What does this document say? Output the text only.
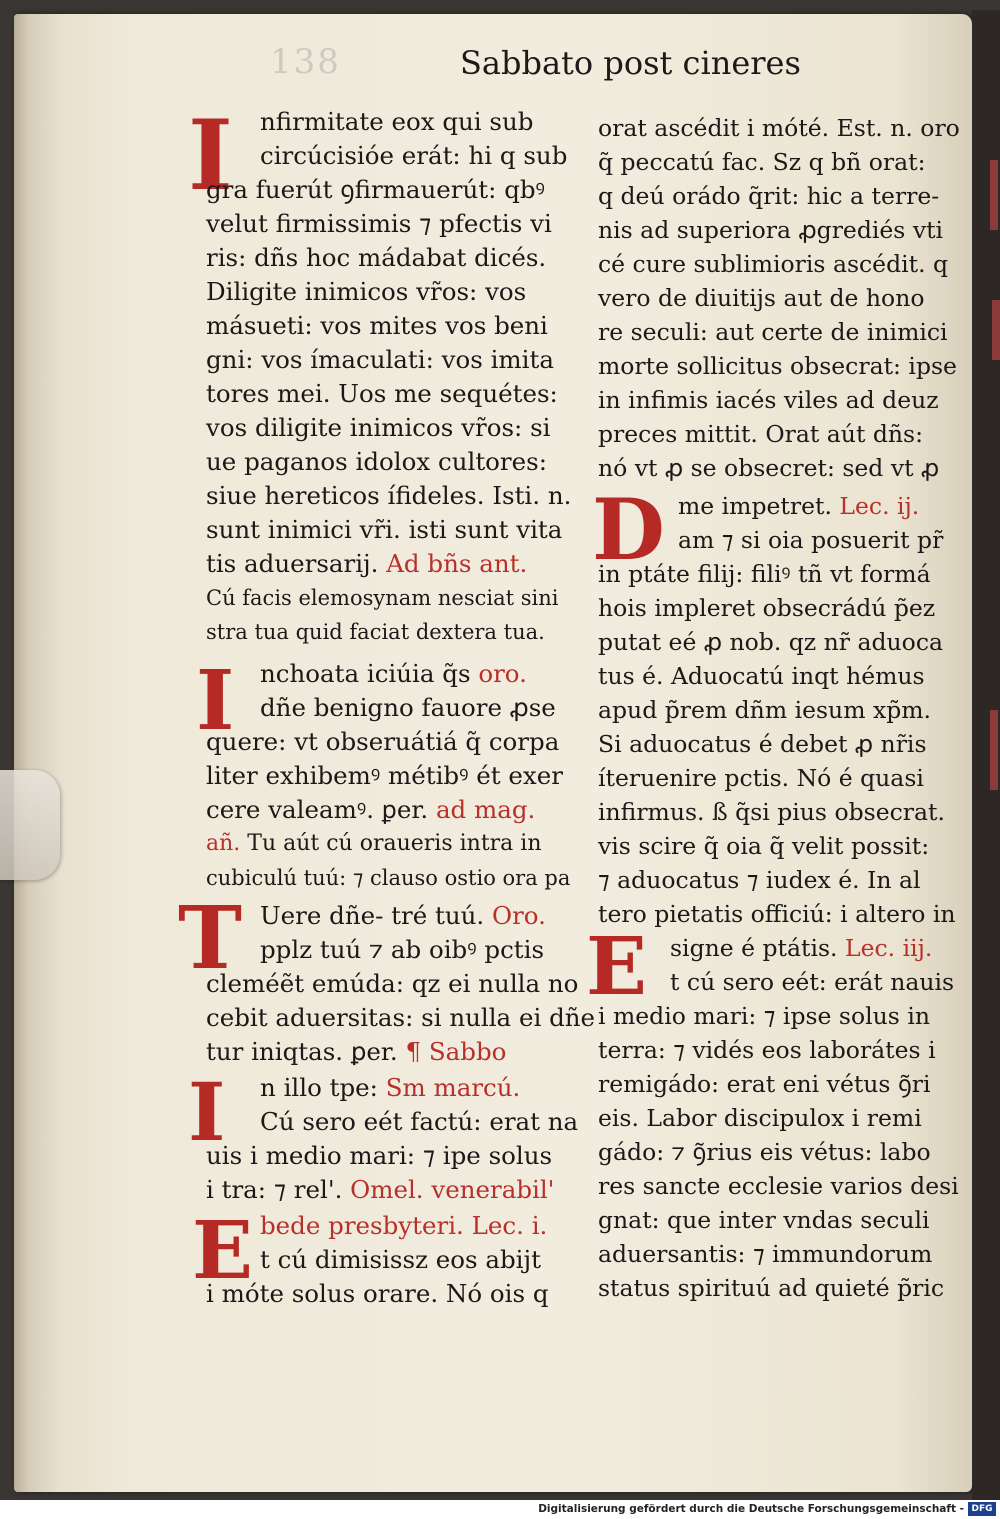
138	Sabbato post cineres
I
I
T
I
E
nfirmitate eox qui sub
circúcisióe erát: hi q sub
gra fuerút ꝯfirmauerút: qbꝰ
velut firmissimis ⁊ pfectis vi
ris: dñs hoc mádabat dicés.
Diligite inimicos vr̃os: vos
másueti: vos mites vos beni
gni: vos ímaculati: vos imita
tores mei. Uos me sequétes:
vos diligite inimicos vr̃os: si
ue paganos idolox cultores:
siue hereticos ífideles. Isti. n.
sunt inimici vr̃i. isti sunt vita
tis aduersarij. Ad bñs ant.
Cú facis elemosynam nesciat sini
stra tua quid faciat dextera tua.
nchoata iciúia q̃s oro.
dñe benigno fauore ꝓse
quere: vt obseruátiá q̃ corpa
liter exhibemꝰ métibꝰ ét exer
cere valeamꝰ. ꝑer. ad mag.
añ. Tu aút cú oraueris intra in
cubiculú tuú: ⁊ clauso ostio ora pa
Uere dñe- tré tuú. Oro.
pplz tuú ⁊ ab oibꝰ pctis
cleméẽt emúda: qz ei nulla no
cebit aduersitas: si nulla ei dñe
tur iniqtas. ꝑer. ¶ Sabbo
n illo tpe: Sm marcú.
Cú sero eét factú: erat na
uis i medio mari: ⁊ ipe solus
i tra: ⁊ rel'. Omel. venerabil'
bede presbyteri. Lec. i.
t cú dimisissz eos abijt
i móte solus orare. Nó ois q
D
E
orat ascédit i móté. Est. n. oro
q̃ peccatú fac. Sz q bñ orat:
q deú orádo q̃rit: hic a terre-
nis ad superiora ꝓgrediés vti
cé cure sublimioris ascédit. q
vero de diuitijs aut de hono
re seculi: aut certe de inimici
morte sollicitus obsecrat: ipse
in infimis iacés viles ad deuz
preces mittit. Orat aút dñs:
nó vt ꝓ se obsecret: sed vt ꝓ
me impetret. Lec. ij.
am ⁊ si oia posuerit pr̃
in ptáte filij: filiꝰ tñ vt formá
hois impleret obsecrádú p̃ez
putat eé ꝓ nob. qz nr̃ aduoca
tus é. Aduocatú inqt hémus
apud p̃rem dñm iesum xp̃m.
Si aduocatus é debet ꝓ nr̃is
íteruenire pctis. Nó é quasi
infirmus. ß q̃si pius obsecrat.
vis scire q̃ oia q̃ velit possit:
⁊ aduocatus ⁊ iudex é. In al
tero pietatis officiú: i altero in
signe é ptátis. Lec. iij.
t cú sero eét: erát nauis
i medio mari: ⁊ ipse solus in
terra: ⁊ vidés eos laborátes i
remigádo: erat eni vétus ꝯ̃ri
eis. Labor discipulox i remi
gádo: ⁊ ꝯ̃rius eis vétus: labo
res sancte ecclesie varios desi
gnat: que inter vndas seculi
aduersantis: ⁊ immundorum
status spirituú ad quieté p̃ric
Digitalisierung gefördert durch die Deutsche Forschungsgemeinschaft - DFG
